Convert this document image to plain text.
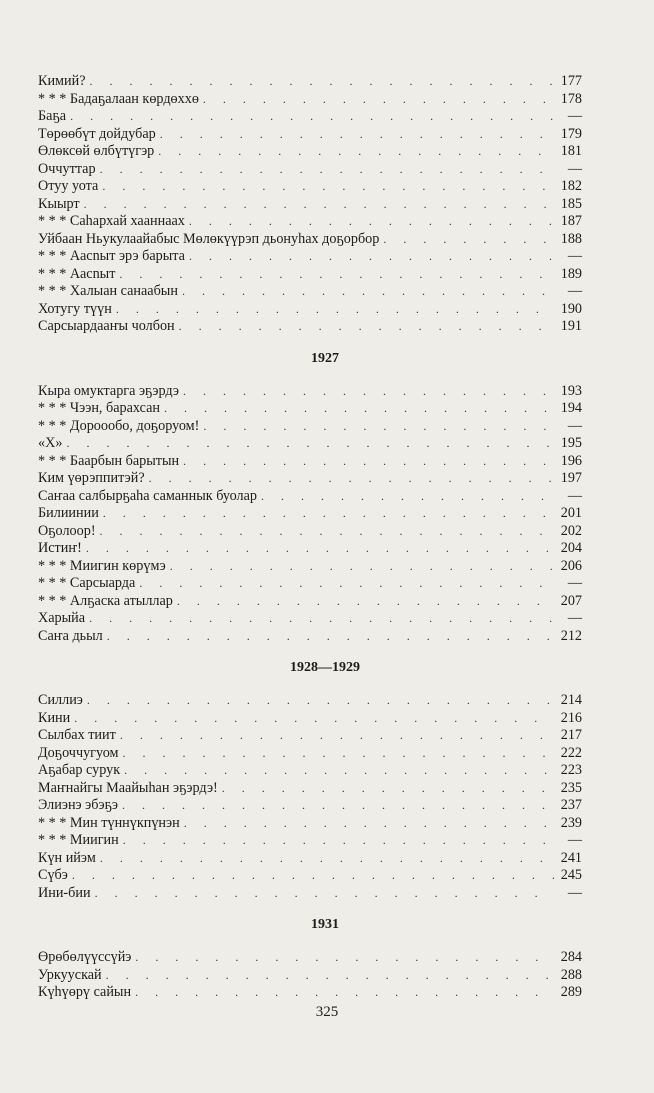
Кимий? . . .	177
* * * Бадаҕалаан көрдөххө . . .	178
Баҕа . . .	—
Төрөөбүт дойдубар . . .	179
Өлөксөй өлбүтүгэр . . .	181
Оччуттар . . .	—
Отуу уота . . .	182
Кыырт . . .	185
* * * Саһархай хааннаах . . .	187
Уйбаан Ньукулаайабыс Мөлөкүүрэп дьонуһах доҕорбор . . .	188
* * * Аасnыт эрэ барыта . . .	—
* * * Аасnыт . . .	189
* * * Халыан санаабын . . .	—
Хотугу түүн . . .	190
Сарсыардааҥы чолбон . . .	191
1927
Кыра омуктарга эҕэрдэ . . .	193
* * * Чээн, барахсан . . .	194
* * * Дороообо, доҕоруом! . . .	—
«Х» . . .	195
* * * Баарбын барытын . . .	196
Ким үөрэппитэй? . . .	197
Саҥаа салбырҕаһа саманнык буолар . . .	—
Билиинии . . .	201
Оҕолоор! . . .	202
Истиҥ! . . .	204
* * * Миигин көрүмэ . . .	206
* * * Сарсыарда . . .	—
* * * Алҕаска атыллар . . .	207
Харыйа . . .	—
Саҥа дьыл . . .	212
1928—1929
Силлиэ . . .	214
Кини . . .	216
Сылбах тиит . . .	217
Доҕоччугуом . . .	222
Аҕабар сурук . . .	223
Маҥнайгы Маайыһан эҕэрдэ! . . .	235
Элиэнэ эбэҕэ . . .	237
* * * Мин түннүкпүнэн . . .	239
* * * Миигин . . .	—
Күн ийэм . . .	241
Сүбэ . . .	245
Ини-бии . . .	—
1931
Өрөбөлүүссүйэ . . .	284
Уркуускай . . .	288
Күһүөрү сайын . . .	289
325
